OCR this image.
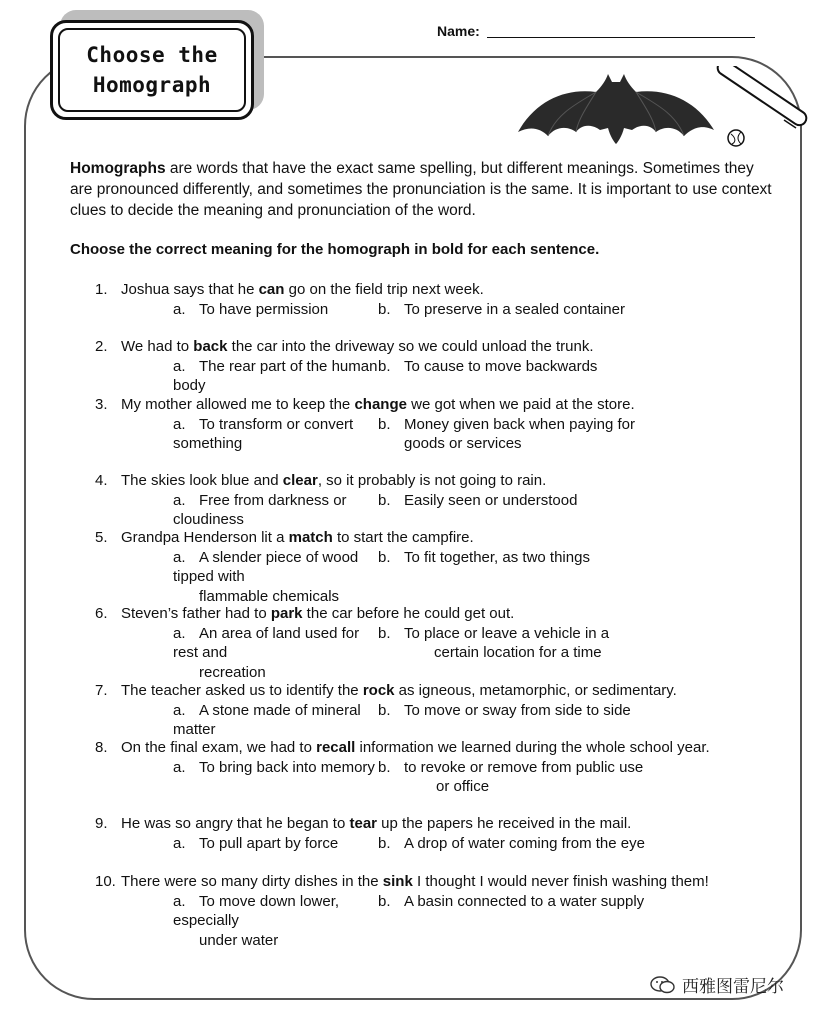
Choose the
Homograph
Name:
Homographs are words that have the exact same spelling, but different meanings. Sometimes they are pronounced differently, and sometimes the pronunciation is the same. It is important to use context clues to decide the meaning and pronunciation of the word.
Choose the correct meaning for the homograph in bold for each sentence.
1. Joshua says that he can go on the field trip next week.
a. To have permission	b. To preserve in a sealed container
2. We had to back the car into the driveway so we could unload the trunk.
a. The rear part of the human body
b. To cause to move backwards
3. My mother allowed me to keep the change we got when we paid at the store.
a. To transform or convert something
b. Money given back when paying for
goods or services
4. The skies look blue and clear, so it probably is not going to rain.
a. Free from darkness or cloudiness
b. Easily seen or understood
5. Grandpa Henderson lit a match to start the campfire.
a. A slender piece of wood tipped with
flammable chemicals
b. To fit together, as two things
6. Steven’s father had to park the car before he could get out.
a. An area of land used for rest and
recreation
b. To place or leave a vehicle in a
certain location for a time
7. The teacher asked us to identify the rock as igneous, metamorphic, or sedimentary.
a. A stone made of mineral matter
b. To move or sway from side to side
8. On the final exam, we had to recall information we learned during the whole school year.
a. To bring back into memory b. to revoke or remove from public use
or office
9. He was so angry that he began to tear up the papers he received in the mail.
a. To pull apart by force	b. A drop of water coming from the eye
10. There were so many dirty dishes in the sink I thought I would never finish washing them!
a. To move down lower, especially
under water
b. A basin connected to a water supply
西雅图雷尼尔
